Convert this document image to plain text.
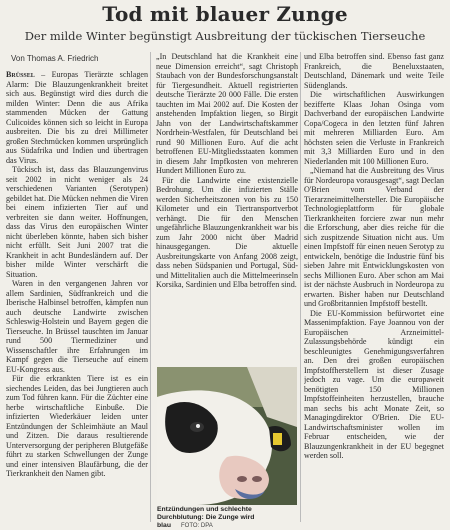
Tod mit blauer Zunge
Der milde Winter begünstigt Ausbreitung der tückischen Tierseuche
Von Thomas A. Friedrich

Brüssel – Europas Tierärzte schlagen Alarm: Die Blauzungenkrankheit breitet sich aus. Begünstigt wird dies durch die milden Winter: Denn die aus Afrika stammenden Mücken der Gattung Culicoides können sich so leicht in Europa ausbreiten. Die bis zu drei Millimeter großen Stechmücken kommen ursprünglich aus Südafrika und Indien und übertragen das Virus.

Tückisch ist, dass das Blauzungenvirus seit 2002 in nicht weniger als 24 verschiedenen Varianten (Serotypen) gebildet hat. Die Mücken nehmen die Viren bei einem infizierten Tier auf und verbreiten sie dann weiter. Hoffnungen, dass das Virus den europäischen Winter nicht überleben könnte, haben sich bisher nicht erfüllt. Seit Juni 2007 trat die Krankheit in acht Bundesländern auf. Der bisher milde Winter verschärft die Situation.

Waren in den vergangenen Jahren vor allem Sardinien, Südfrankreich und die Iberische Halbinsel betroffen, kämpfen nun auch deutsche Landwirte zwischen Schleswig-Holstein und Bayern gegen die Tierseuche. In Brüssel tauschten im Januar rund 500 Tiermediziner und Wissenschaftler ihre Erfahrungen im Kampf gegen die Tierseuche auf einem EU-Kongress aus.

Für die erkrankten Tiere ist es ein siechendes Leiden, das bei Jungtieren auch zum Tod führen kann. Für die Züchter eine herbe wirtschaftliche Einbuße. Die infizierten Wiederkäuer leiden unter Entzündungen der Schleimhäute an Maul und Zitzen. Die daraus resultierende Unterversorgung der peripheren Blutgefäße führt zu starken Schwellungen der Zunge und einer intensiven Blaufärbung, die der Tierkrankheit den Namen gibt.

„In Deutschland hat die Krankheit eine neue Dimension erreicht“, sagt Christoph Staubach von der Bundesforschungsanstalt für Tiergesundheit. Aktuell registrierten deutsche Tierärzte 20 000 Fälle. Die ersten tauchten im Mai 2002 auf. Die Kosten der anstehenden Impfaktion liegen, so Birgit Jahn von der Landwirtschaftskammer Nordrhein-Westfalen, für Deutschland bei rund 90 Millionen Euro. Auf die acht betroffenen EU-Mitgliedsstaaten kommen in diesem Jahr Impfkosten von mehreren Hundert Millionen Euro zu.

Für die Landwirte eine existenzielle Bedrohung. Um die infizierten Ställe werden Sicherheitszonen von bis zu 150 Kilometer und ein Tiertransportverbot verhängt. Die für den Menschen ungefährliche Blauzungenkrankheit war bis zum Jahr 2000 nicht über Madrid hinausgegangen. Die aktuelle Ausbreitungskarte von Anfang 2008 zeigt, dass neben Südspanien und Portugal, Süd- und Mittelitalien auch die Mittelmeerinseln Korsika, Sardinien und Elba betroffen sind.

Entzündungen und schlechte Durchblutung: Die Zunge wird blau FOTO: DPA

und Elba betroffen sind. Ebenso fast ganz Frankreich, die Beneluxstaaten, Deutschland, Dänemark und weite Teile Südenglands.

Die wirtschaftlichen Auswirkungen bezifferte Klaas Johan Osinga vom Dachverband der europäischen Landwirte Copa/Cogeca in den letzten fünf Jahren mit mehreren Milliarden Euro. Am höchsten seien die Verluste in Frankreich mit 3,3 Milliarden Euro und in den Niederlanden mit 100 Millionen Euro.

„Niemand hat die Ausbreitung des Virus für Nordeuropa vorausgesagt“, sagt Declan O'Brien vom Verband der Tierarzneimittelhersteller. Die Europäische Technologieplattform für globale Tierkrankheiten forciere zwar nun mehr die Erforschung, aber dies reiche für die sich zuspitzende Situation nicht aus. Um einen Impfstoff für einen neuen Serotyp zu entwickeln, benötige die Industrie fünf bis sieben Jahre mit Entwicklungskosten von sechs Millionen Euro. Aber schon am Mai ist der nächste Ausbruch in Nordeuropa zu erwarten. Bisher haben nur Deutschland und Großbritannien Impfstoff bestellt.

Die EU-Kommission befürwortet eine Massenimpfaktion. Faye Joannou von der Europäischen Arzneimittel-Zulassungsbehörde kündigt ein beschleunigtes Genehmigungsverfahren an. Den drei großen europäischen Impfstoffherstellern ist dieser Zusage jedoch zu vage. Um die europaweit benötigten 150 Millionen Impfstoffeinheiten herzustellen, brauche man sechs bis acht Monate Zeit, so Managingdirektor O'Brien. Die EU-Landwirtschaftsminister wollen im Februar entscheiden, wie der Blauzungenkrankheit in der EU begegnet werden soll.
